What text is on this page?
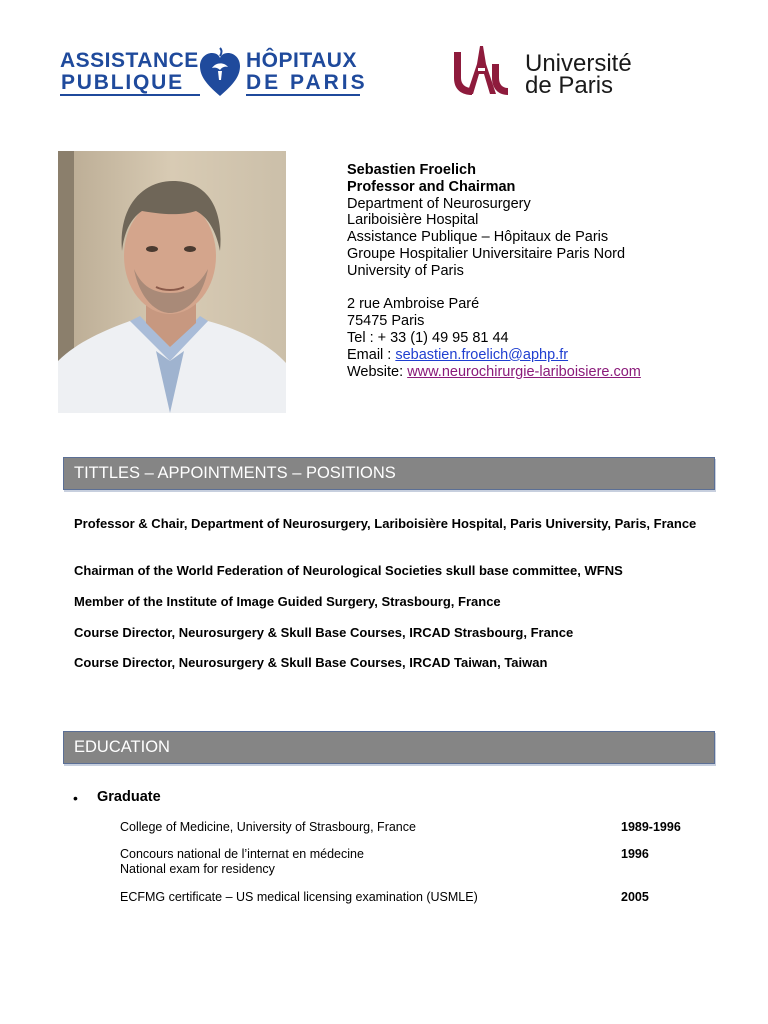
ASSISTANCE
PUBLIQUE
HÔPITAUX
DE PARIS
Université
de Paris
Sebastien Froelich
Professor and Chairman
Department of Neurosurgery
Lariboisière Hospital
Assistance Publique – Hôpitaux de Paris
Groupe Hospitalier Universitaire Paris Nord
University of Paris
2 rue Ambroise Paré
75475 Paris
Tel : + 33 (1) 49 95 81 44
Email : sebastien.froelich@aphp.fr
Website: www.neurochirurgie-lariboisiere.com
TITTLES – APPOINTMENTS – POSITIONS
Professor & Chair, Department of Neurosurgery, Lariboisière Hospital, Paris University, Paris, France
Chairman of the World Federation of Neurological Societies skull base committee, WFNS
Member of the Institute of Image Guided Surgery, Strasbourg, France
Course Director, Neurosurgery & Skull Base Courses, IRCAD Strasbourg, France
Course Director, Neurosurgery & Skull Base Courses, IRCAD Taiwan, Taiwan
EDUCATION
• Graduate
College of Medicine, University of Strasbourg, France	1989-1996
Concours national de l’internat en médecine
National exam for residency
1996
ECFMG certificate – US medical licensing examination (USMLE)	2005
